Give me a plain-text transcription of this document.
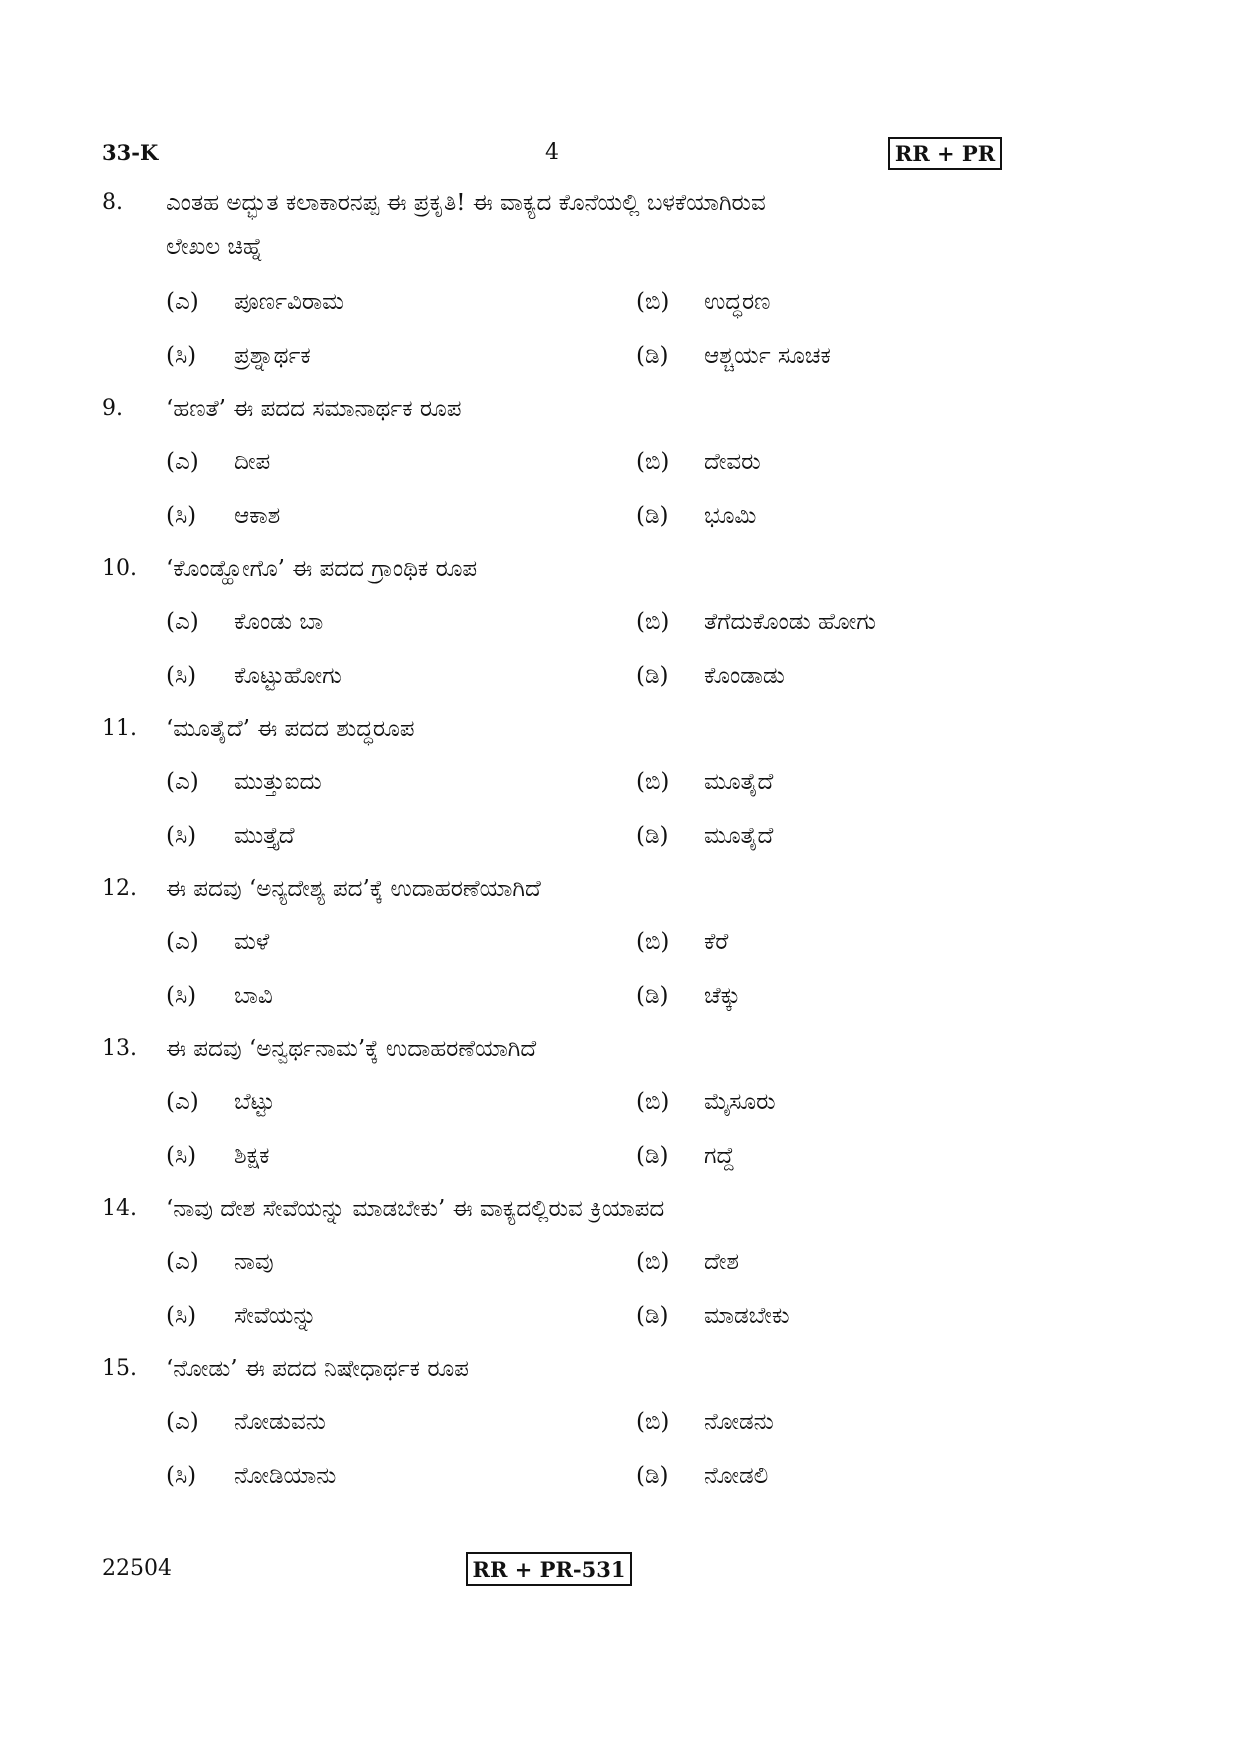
33-K	4	RR + PR
8. ಎಂತಹ ಅದ್ಭುತ ಕಲಾಕಾರನಪ್ಪ ಈ ಪ್ರಕೃತಿ! ಈ ವಾಕ್ಯದ ಕೊನೆಯಲ್ಲಿ ಬಳಕೆಯಾಗಿರುವ
ಲೇಖಲ ಚಿಹ್ನೆ
(ಎ) ಪೂರ್ಣವಿರಾಮ	(ಬಿ) ಉದ್ಧರಣ
(ಸಿ) ಪ್ರಶ್ನಾರ್ಥಕ	(ಡಿ) ಆಶ್ಚರ್ಯ ಸೂಚಕ
9. ‘ಹಣತೆ’ ಈ ಪದದ ಸಮಾನಾರ್ಥಕ ರೂಪ
(ಎ) ದೀಪ	(ಬಿ) ದೇವರು
(ಸಿ) ಆಕಾಶ	(ಡಿ) ಭೂಮಿ
10. ‘ಕೊಂಡ್ಹೋಗೊ’ ಈ ಪದದ ಗ್ರಾಂಥಿಕ ರೂಪ
(ಎ) ಕೊಂಡು ಬಾ	(ಬಿ) ತೆಗೆದುಕೊಂಡು ಹೋಗು
(ಸಿ) ಕೊಟ್ಟುಹೋಗು	(ಡಿ) ಕೊಂಡಾಡು
11. ‘ಮೂತೈದೆ’ ಈ ಪದದ ಶುದ್ಧರೂಪ
(ಎ) ಮುತ್ತುಐದು	(ಬಿ) ಮೂತೈದೆ
(ಸಿ) ಮುತ್ತೈದೆ	(ಡಿ) ಮೂತೈದೆ
12. ಈ ಪದವು ‘ಅನ್ಯದೇಶ್ಯ ಪದ’ಕ್ಕೆ ಉದಾಹರಣೆಯಾಗಿದೆ
(ಎ) ಮಳೆ	(ಬಿ) ಕೆರೆ
(ಸಿ) ಬಾವಿ	(ಡಿ) ಚೆಕ್ಕು
13. ಈ ಪದವು ‘ಅನ್ವರ್ಥನಾಮ’ಕ್ಕೆ ಉದಾಹರಣೆಯಾಗಿದೆ
(ಎ) ಬೆಟ್ಟು	(ಬಿ) ಮೈಸೂರು
(ಸಿ) ಶಿಕ್ಷಕ	(ಡಿ) ಗದ್ದೆ
14. ‘ನಾವು ದೇಶ ಸೇವೆಯನ್ನು ಮಾಡಬೇಕು’ ಈ ವಾಕ್ಯದಲ್ಲಿರುವ ಕ್ರಿಯಾಪದ
(ಎ) ನಾವು	(ಬಿ) ದೇಶ
(ಸಿ) ಸೇವೆಯನ್ನು	(ಡಿ) ಮಾಡಬೇಕು
15. ‘ನೋಡು’ ಈ ಪದದ ನಿಷೇಧಾರ್ಥಕ ರೂಪ
(ಎ) ನೋಡುವನು	(ಬಿ) ನೋಡನು
(ಸಿ) ನೋಡಿಯಾನು	(ಡಿ) ನೋಡಲಿ
22504	RR + PR-531
